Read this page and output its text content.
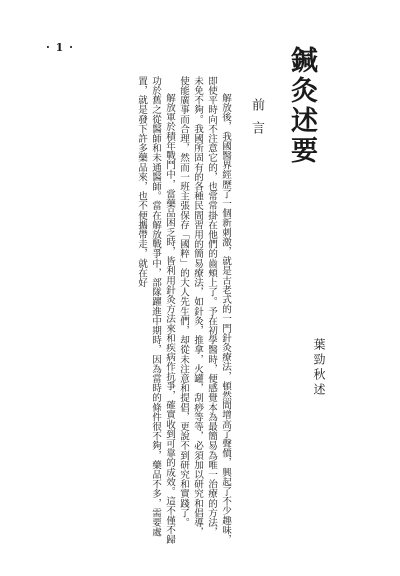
· 1 ·	鍼灸述要
前言
葉勁秋述

解放後，我國醫界經歷了一個新刺激，就是古老式的一門針灸療法，頓然間增高了聲價，興起了不少趣味，即使平時向不注意它的，也常常掛在他們的齒頰上了。予在初學醫時，便感覺本為最簡易為唯一治療的方法，未免不夠。我國所固有的各種民間習用的簡易療法，如針灸，推拿，火罐，刮痧等等，必須加以研究和倡導，使能廣事而合理，然而一班主張保存「國粹」的大人先生們，却從未注意和提倡，更說不到研究和實踐了。

解放軍於積年戰鬥中，當藥品困乏時，皆利用針灸方法來和疾病作抗爭，確實收到可靠的成效。這不僅不歸功於舊之從醫師和未通醫師。當在解放戰爭中，部隊躍進中期時，因為當時的條件很不夠，藥品不多，需要處置，就是發下許多藥品來，也不便攜帶走，就在好
